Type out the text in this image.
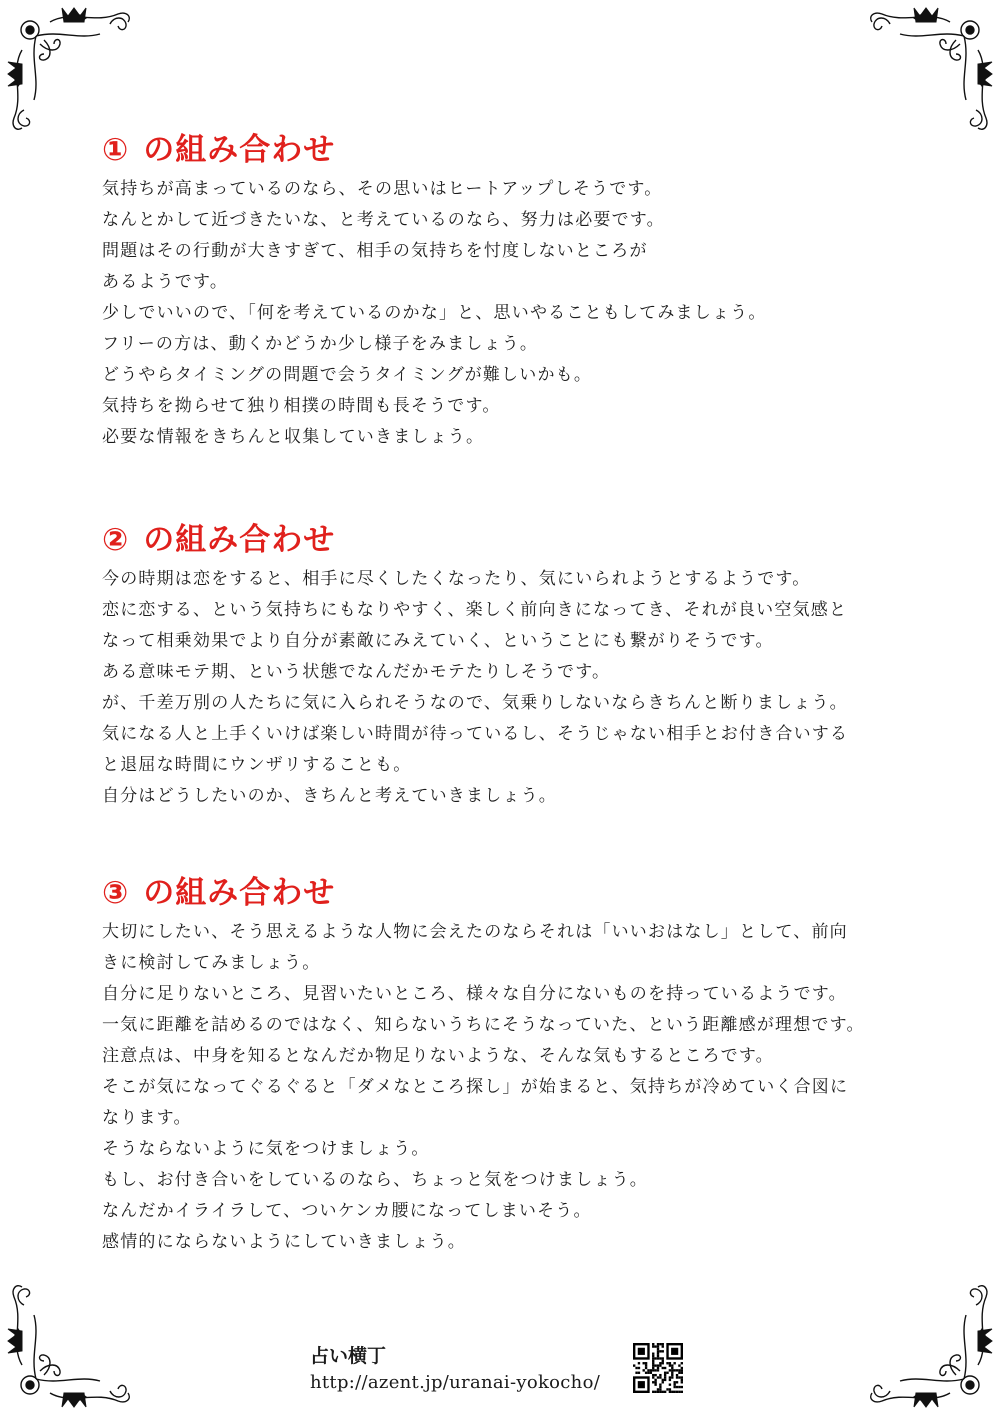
① の組み合わせ

気持ちが高まっているのなら、その思いはヒートアップしそうです。

なんとかして近づきたいな、と考えているのなら、努力は必要です。

問題はその行動が大きすぎて、相手の気持ちを忖度しないところが

あるようです。

少しでいいので、「何を考えているのかな」と、思いやることもしてみましょう。

フリーの方は、動くかどうか少し様子をみましょう。

どうやらタイミングの問題で会うタイミングが難しいかも。

気持ちを拗らせて独り相撲の時間も長そうです。

必要な情報をきちんと収集していきましょう。

② の組み合わせ

今の時期は恋をすると、相手に尽くしたくなったり、気にいられようとするようです。

恋に恋する、という気持ちにもなりやすく、楽しく前向きになってき、それが良い空気感と

なって相乗効果でより自分が素敵にみえていく、ということにも繋がりそうです。

ある意味モテ期、という状態でなんだかモテたりしそうです。

が、千差万別の人たちに気に入られそうなので、気乗りしないならきちんと断りましょう。

気になる人と上手くいけば楽しい時間が待っているし、そうじゃない相手とお付き合いする

と退屈な時間にウンザリすることも。

自分はどうしたいのか、きちんと考えていきましょう。

③ の組み合わせ

大切にしたい、そう思えるような人物に会えたのならそれは「いいおはなし」として、前向

きに検討してみましょう。

自分に足りないところ、見習いたいところ、様々な自分にないものを持っているようです。

一気に距離を詰めるのではなく、知らないうちにそうなっていた、という距離感が理想です。

注意点は、中身を知るとなんだか物足りないような、そんな気もするところです。

そこが気になってぐるぐると「ダメなところ探し」が始まると、気持ちが冷めていく合図に

なります。

そうならないように気をつけましょう。

もし、お付き合いをしているのなら、ちょっと気をつけましょう。

なんだかイライラして、ついケンカ腰になってしまいそう。

感情的にならないようにしていきましょう。

占い横丁

http://azent.jp/uranai-yokocho/
